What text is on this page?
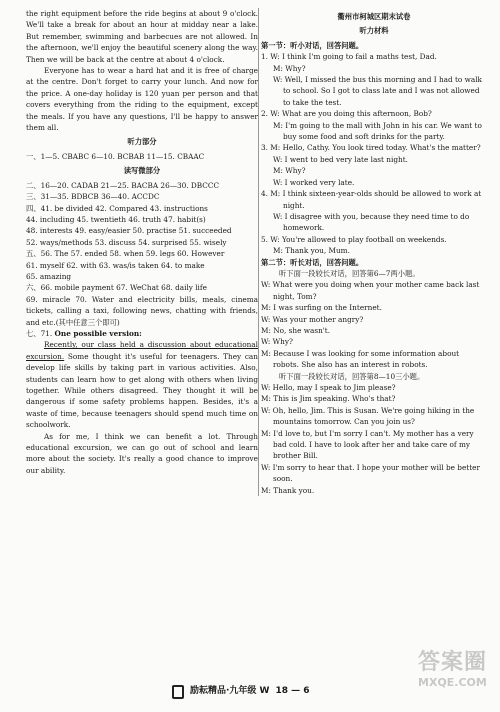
the right equipment before the ride begins at about 9 o'clock. We'll take a break for about an hour at midday near a lake. But remember, swimming and barbecues are not allowed. In the afternoon, we'll enjoy the beautiful scenery along the way. Then we will be back at the centre at about 4 o'clock.

Everyone has to wear a hard hat and it is free of charge at the centre. Don't forget to carry your lunch. And now for the price. A one-day holiday is 120 yuan per person and that covers everything from the riding to the equipment, except the meals. If you have any questions, I'll be happy to answer them all.

听力部分

一、1—5. CBABC 6—10. BCBAB 11—15. CBAAC

读写微部分

二、16—20. CADAB 21—25. BACBA 26—30. DBCCC

三、31—35. BDBCB 36—40. ACCDC

四、41. be divided 42. Compared 43. instructions

44. including 45. twentieth 46. truth 47. habit(s)

48. interests 49. easy/easier 50. practise 51. succeeded

52. ways/methods 53. discuss 54. surprised 55. wisely

五、56. The 57. ended 58. when 59. legs 60. However

61. myself 62. with 63. was/is taken 64. to make

65. amazing

六、66. mobile payment 67. WeChat 68. daily life

69. miracle 70. Water and electricity bills, meals, cinema tickets, calling a taxi, following news, chatting with friends, and etc.(其中任意三个即可)

七、71. One possible version:

Recently, our class held a discussion about educational excursion. Some thought it's useful for teenagers. They can develop life skills by taking part in various activities. Also, students can learn how to get along with others when living together. While others disagreed. They thought it will be dangerous if some safety problems happen. Besides, it's a waste of time, because teenagers should spend much time on schoolwork.

As for me, I think we can benefit a lot. Through educational excursion, we can go out of school and learn more about the society. It's really a good chance to improve our ability.

衢州市柯城区期末试卷

听力材料

第一节：听小对话，回答问题。

1. W: I think I'm going to fail a maths test, Dad.

M: Why?

W: Well, I missed the bus this morning and I had to walk to school. So I got to class late and I was not allowed to take the test.

2. W: What are you doing this afternoon, Bob?

M: I'm going to the mall with John in his car. We want to buy some food and soft drinks for the party.

3. M: Hello, Cathy. You look tired today. What's the matter?

W: I went to bed very late last night.

M: Why?

W: I worked very late.

4. M: I think sixteen-year-olds should be allowed to work at night.

W: I disagree with you, because they need time to do homework.

5. W: You're allowed to play football on weekends.

M: Thank you, Mum.

第二节：听长对话，回答问题。

听下面一段较长对话，回答第6—7两小题。

W: What were you doing when your mother came back last night, Tom?

M: I was surfing on the Internet.

W: Was your mother angry?

M: No, she wasn't.

W: Why?

M: Because I was looking for some information about robots. She also has an interest in robots.

听下面一段较长对话，回答第8—10三小题。

W: Hello, may I speak to Jim please?

M: This is Jim speaking. Who's that?

W: Oh, hello, Jim. This is Susan. We're going hiking in the mountains tomorrow. Can you join us?

M: I'd love to, but I'm sorry I can't. My mother has a very bad cold. I have to look after her and take care of my brother Bill.

W: I'm sorry to hear that. I hope your mother will be better soon.

M: Thank you.

励耘精品·九年级 W 18 — 6
答案圈
MXQE.COM
